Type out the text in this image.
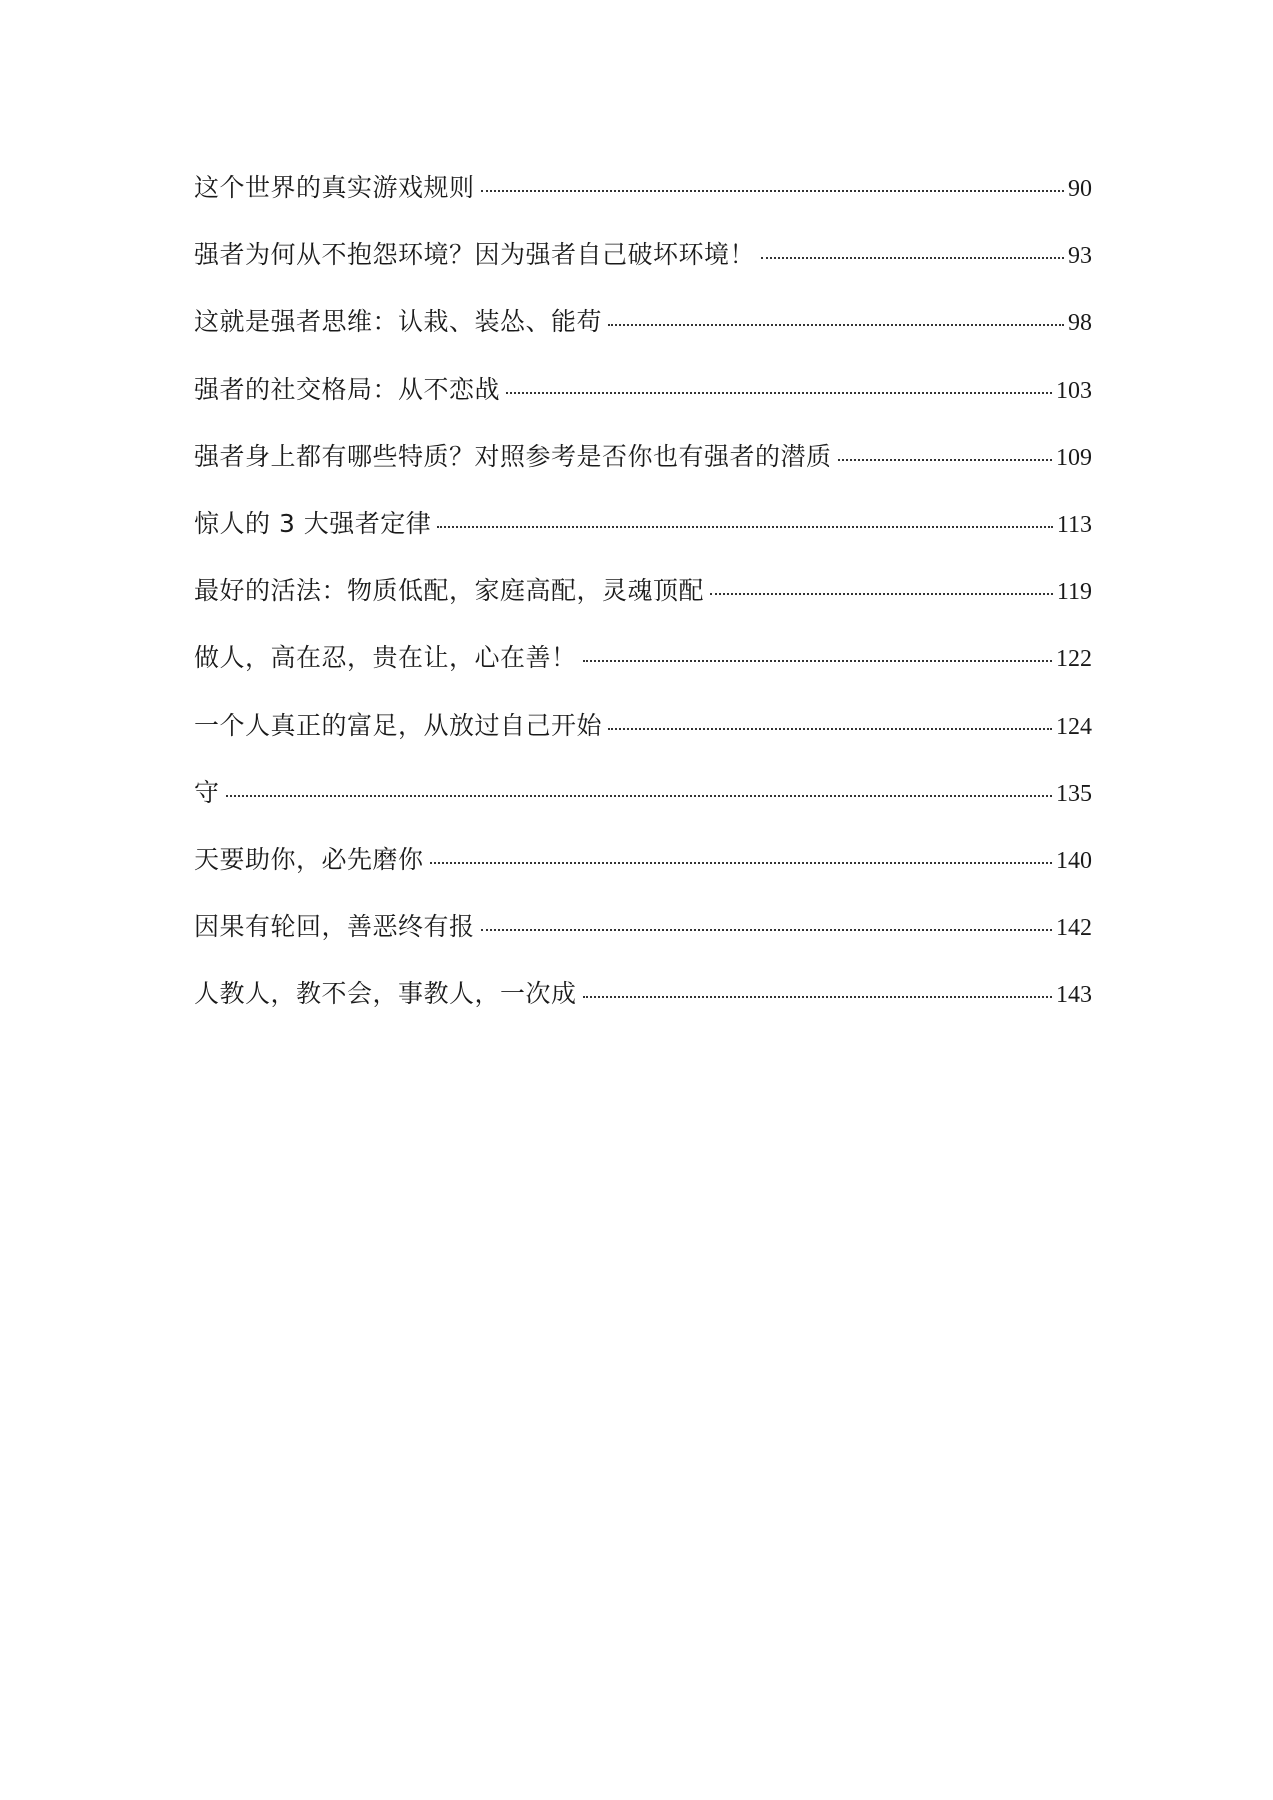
这个世界的真实游戏规则	90
强者为何从不抱怨环境？因为强者自己破坏环境！	93
这就是强者思维：认栽、装怂、能苟	98
强者的社交格局：从不恋战	103
强者身上都有哪些特质？对照参考是否你也有强者的潜质	109
惊人的 3 大强者定律	113
最好的活法：物质低配，家庭高配，灵魂顶配	119
做人，高在忍，贵在让，心在善！	122
一个人真正的富足，从放过自己开始	124
守	135
天要助你，必先磨你	140
因果有轮回，善恶终有报	142
人教人，教不会，事教人，一次成	143
